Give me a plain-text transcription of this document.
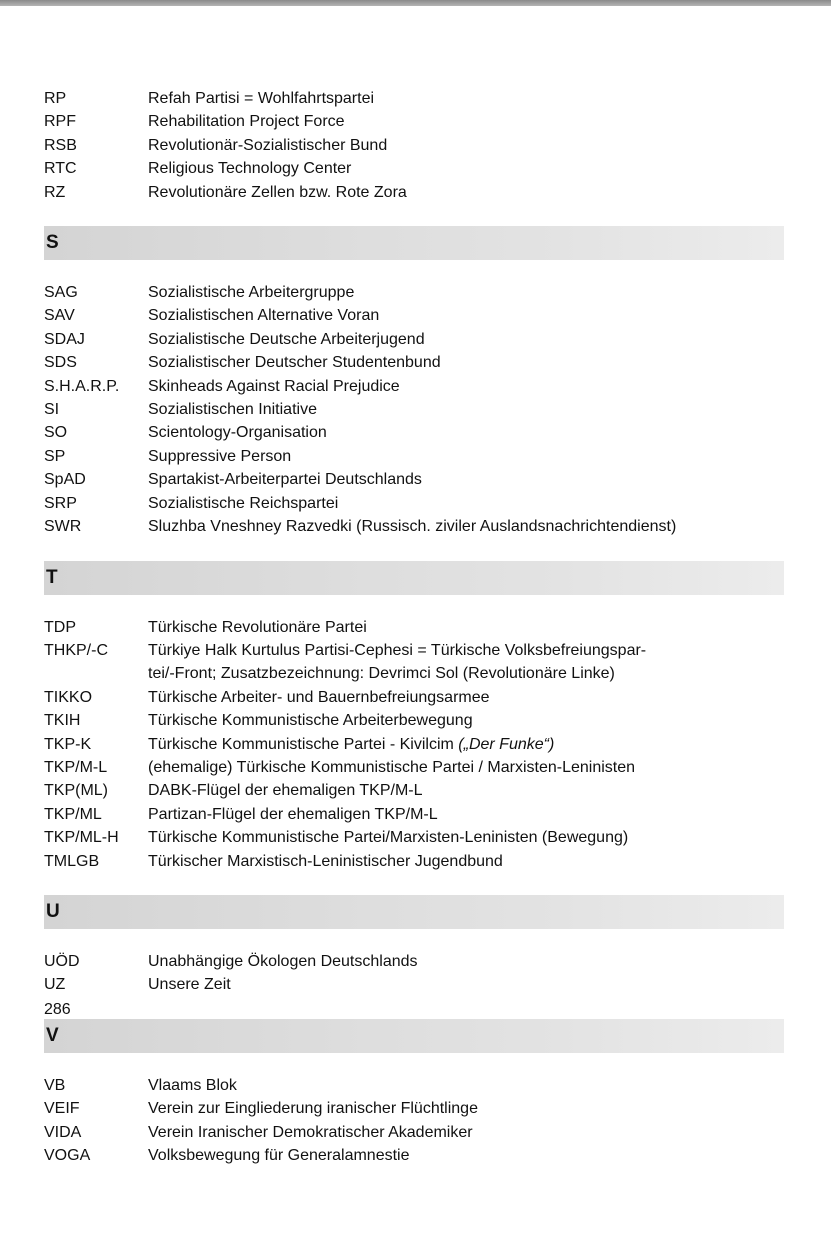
RP	Refah Partisi = Wohlfahrtspartei
RPF	Rehabilitation Project Force
RSB	Revolutionär-Sozialistischer Bund
RTC	Religious Technology Center
RZ	Revolutionäre Zellen bzw. Rote Zora
S
SAG	Sozialistische Arbeitergruppe
SAV	Sozialistischen Alternative Voran
SDAJ	Sozialistische Deutsche Arbeiterjugend
SDS	Sozialistischer Deutscher Studentenbund
S.H.A.R.P.	Skinheads Against Racial Prejudice
SI	Sozialistischen Initiative
SO	Scientology-Organisation
SP	Suppressive Person
SpAD	Spartakist-Arbeiterpartei Deutschlands
SRP	Sozialistische Reichspartei
SWR	Sluzhba Vneshney Razvedki (Russisch. ziviler Auslandsnachrichtendienst)
T
TDP	Türkische Revolutionäre Partei
THKP/-C	Türkiye Halk Kurtulus Partisi-Cephesi = Türkische Volksbefreiungspar-
tei/-Front; Zusatzbezeichnung: Devrimci Sol (Revolutionäre Linke)
TIKKO	Türkische Arbeiter- und Bauernbefreiungsarmee
TKIH	Türkische Kommunistische Arbeiterbewegung
TKP-K	Türkische Kommunistische Partei - Kivilcim („Der Funke“)
TKP/M-L	(ehemalige) Türkische Kommunistische Partei / Marxisten-Leninisten
TKP(ML)	DABK-Flügel der ehemaligen TKP/M-L
TKP/ML	Partizan-Flügel der ehemaligen TKP/M-L
TKP/ML-H	Türkische Kommunistische Partei/Marxisten-Leninisten (Bewegung)
TMLGB	Türkischer Marxistisch-Leninistischer Jugendbund
U
UÖD	Unabhängige Ökologen Deutschlands
UZ	Unsere Zeit
V
VB	Vlaams Blok
VEIF	Verein zur Eingliederung iranischer Flüchtlinge
VIDA	Verein Iranischer Demokratischer Akademiker
VOGA	Volksbewegung für Generalamnestie
286
